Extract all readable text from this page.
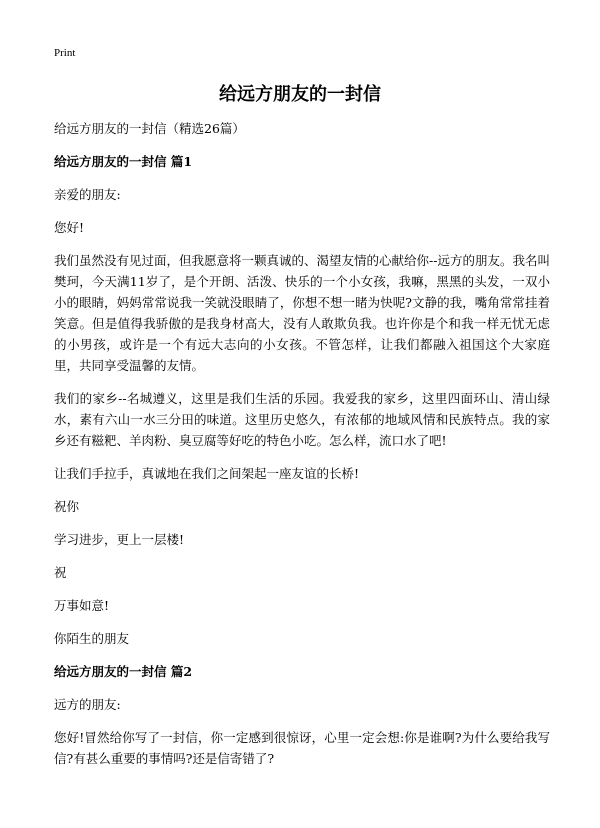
Print
给远方朋友的一封信

给远方朋友的一封信（精选26篇）

给远方朋友的一封信 篇1

亲爱的朋友:

您好!

我们虽然没有见过面，但我愿意将一颗真诚的、渴望友情的心献给你--远方的朋友。我名叫樊珂，今天满11岁了，是个开朗、活泼、快乐的一个小女孩，我嘛，黑黑的头发，一双小小的眼睛，妈妈常常说我一笑就没眼睛了，你想不想一睹为快呢?文静的我，嘴角常常挂着笑意。但是值得我骄傲的是我身材高大，没有人敢欺负我。也许你是个和我一样无忧无虑的小男孩，或许是一个有远大志向的小女孩。不管怎样，让我们都融入祖国这个大家庭里，共同享受温馨的友情。

我们的家乡--名城遵义，这里是我们生活的乐园。我爱我的家乡，这里四面环山、清山绿水，素有六山一水三分田的味道。这里历史悠久，有浓郁的地域风情和民族特点。我的家乡还有糍粑、羊肉粉、臭豆腐等好吃的特色小吃。怎么样，流口水了吧!

让我们手拉手，真诚地在我们之间架起一座友谊的长桥!

祝你

学习进步，更上一层楼!

祝

万事如意!

你陌生的朋友

给远方朋友的一封信 篇2

远方的朋友:

您好!冒然给你写了一封信，你一定感到很惊讶，心里一定会想:你是谁啊?为什么要给我写信?有甚么重要的事情吗?还是信寄错了?
